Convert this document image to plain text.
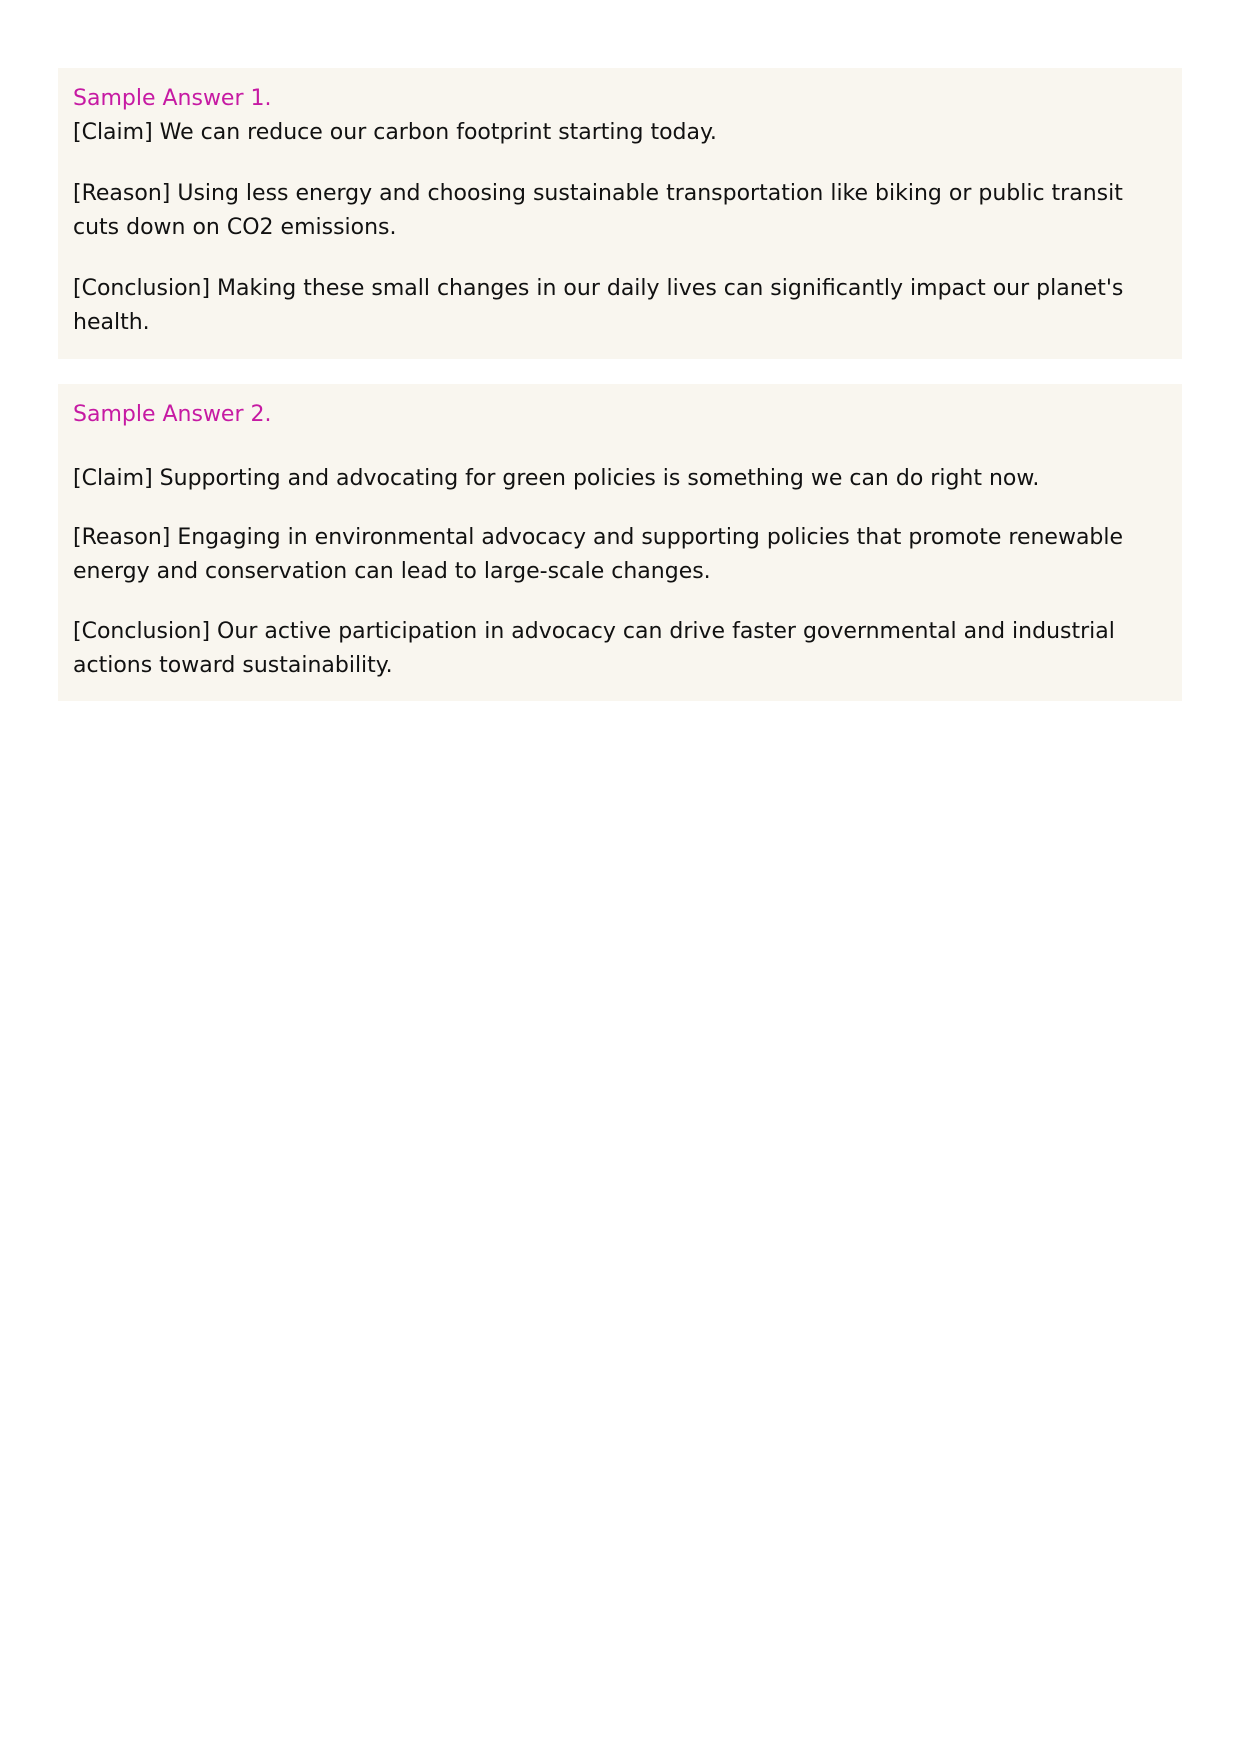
Sample Answer 1.

[Claim] We can reduce our carbon footprint starting today.

[Reason] Using less energy and choosing sustainable transportation like biking or public transit cuts down on CO2 emissions.

[Conclusion] Making these small changes in our daily lives can significantly impact our planet's health.

Sample Answer 2.

[Claim] Supporting and advocating for green policies is something we can do right now.

[Reason] Engaging in environmental advocacy and supporting policies that promote renewable energy and conservation can lead to large-scale changes.

[Conclusion] Our active participation in advocacy can drive faster governmental and industrial actions toward sustainability.
